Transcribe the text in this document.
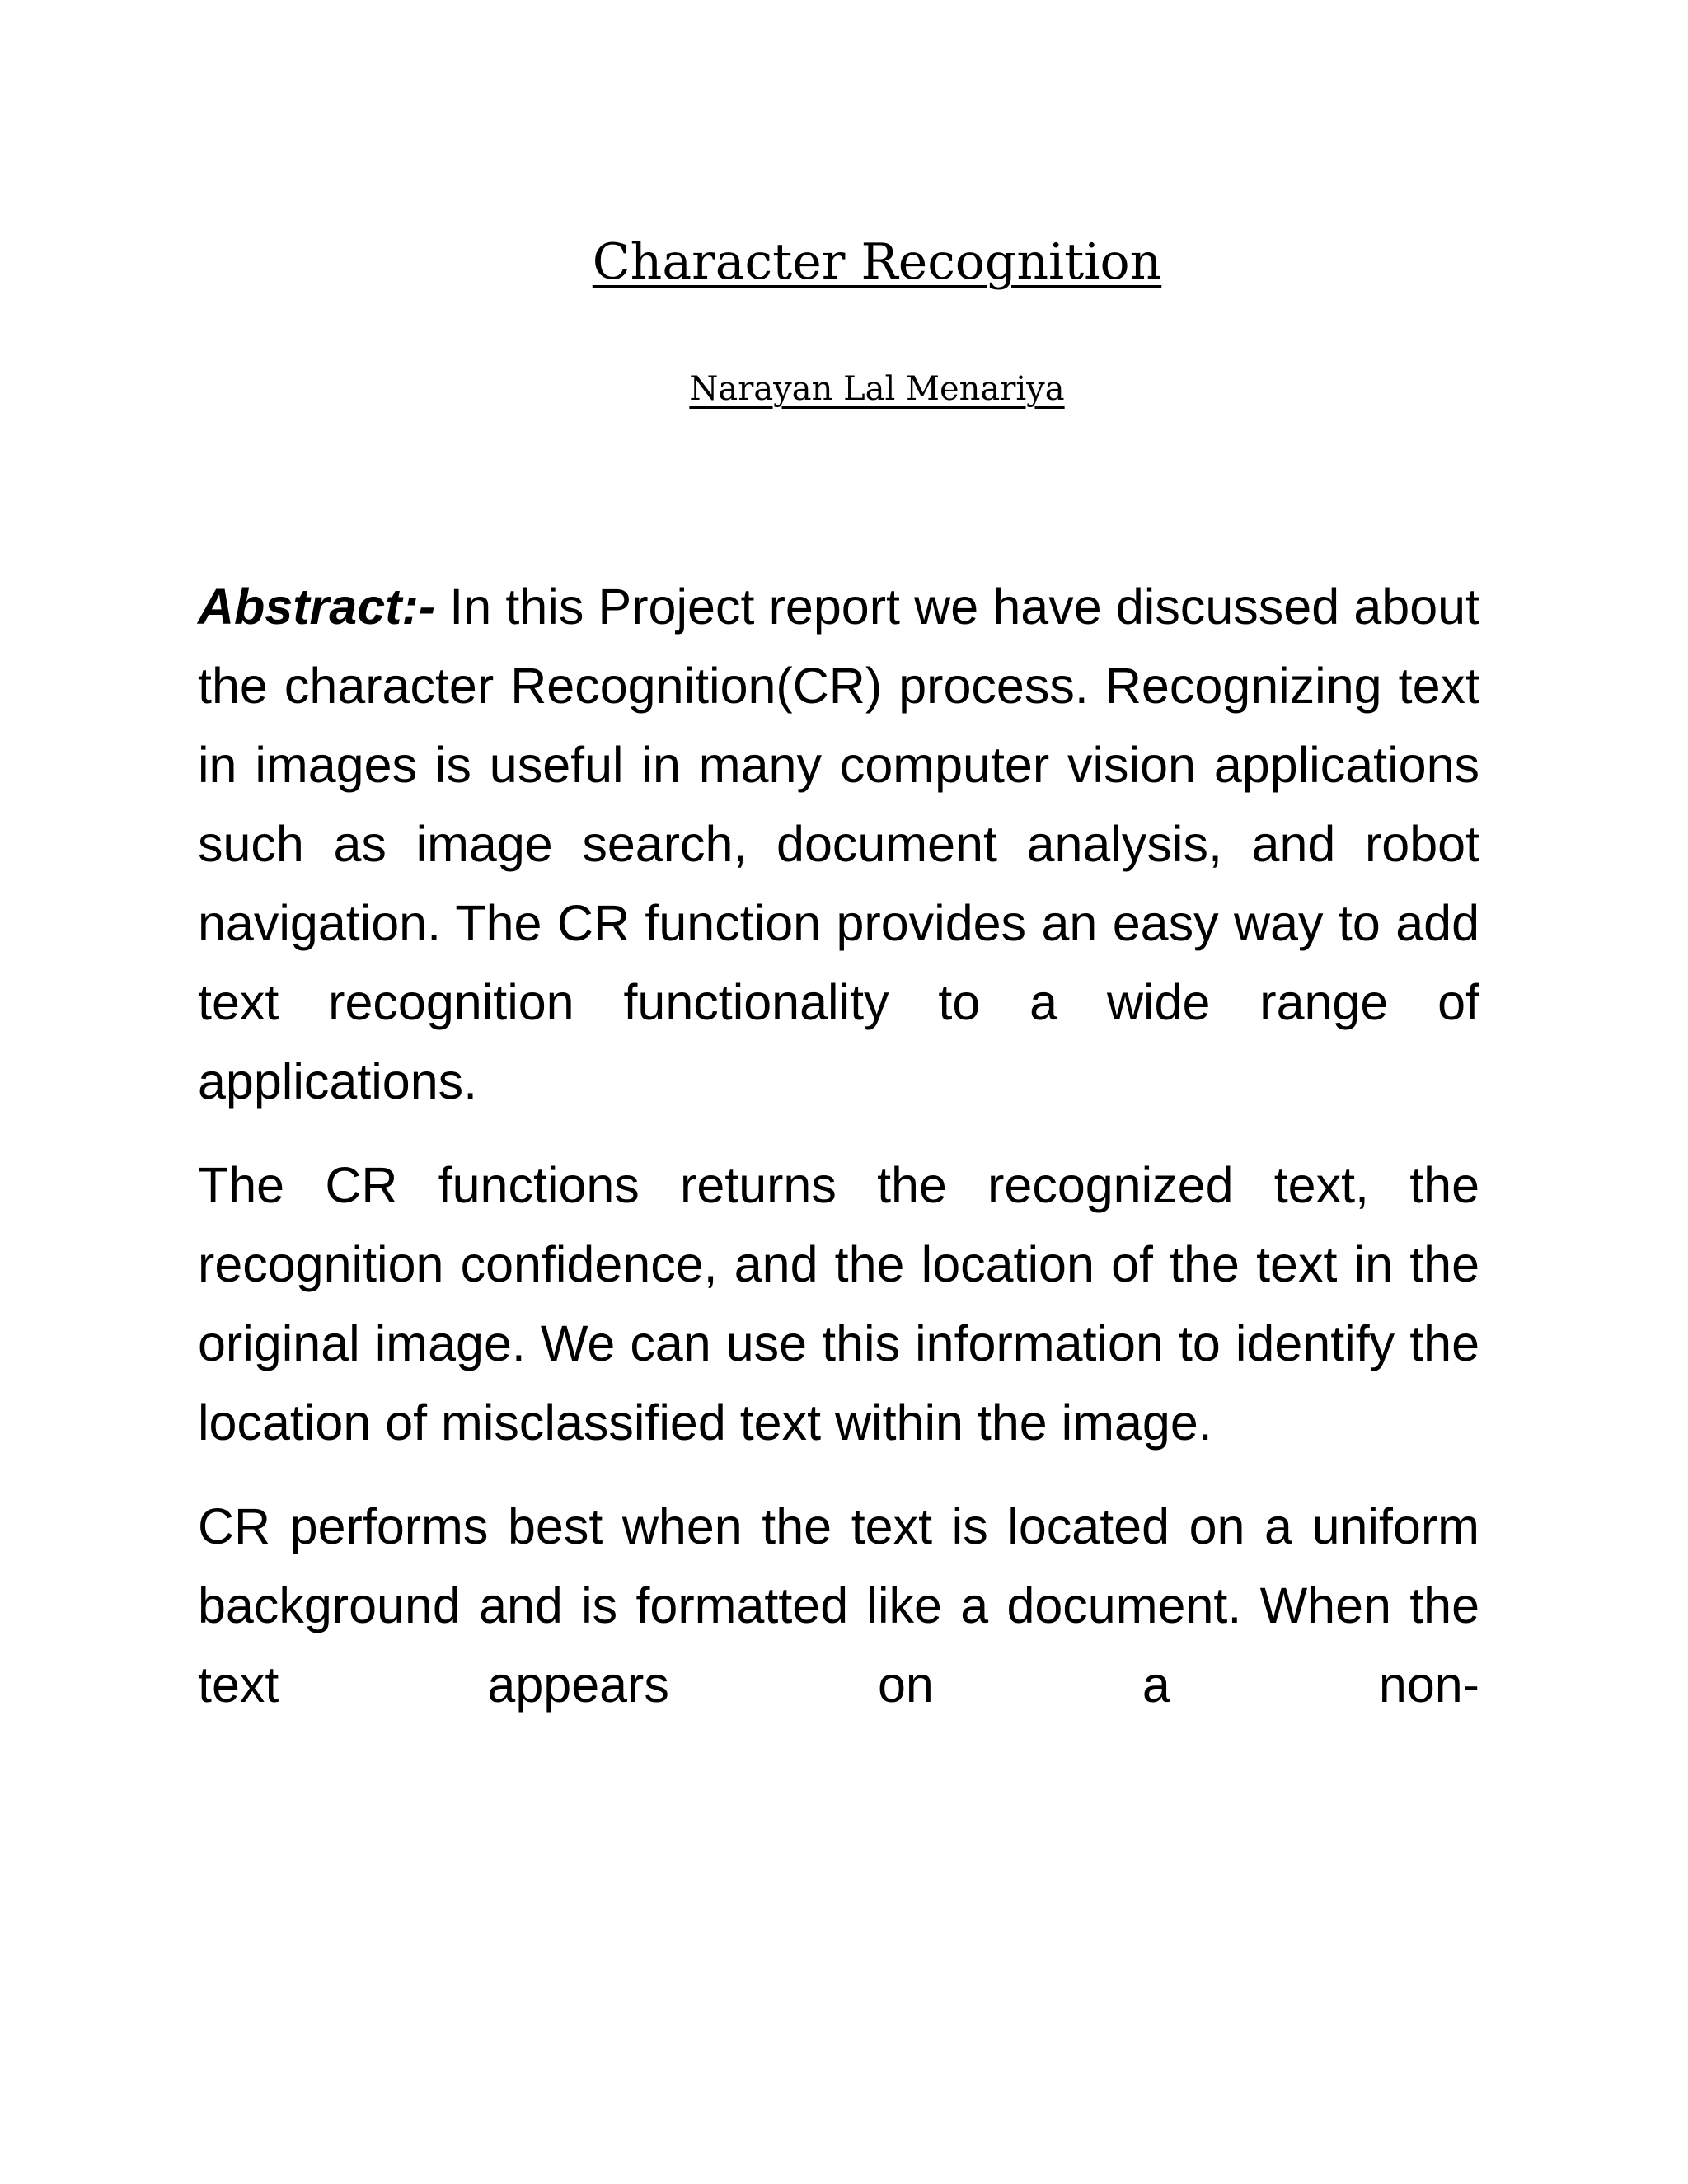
Character Recognition

Narayan Lal Menariya

Abstract:- In this Project report we have discussed about the character Recognition(CR) process. Recognizing text in images is useful in many computer vision applications such as image search, document analysis, and robot navigation. The CR function provides an easy way to add text recognition functionality to a wide range of applications.

The CR functions returns the recognized text, the recognition confidence, and the location of the text in the original image. We can use this information to identify the location of misclassified text within the image.

CR performs best when the text is located on a uniform background and is formatted like a document. When the text appears on a non-
